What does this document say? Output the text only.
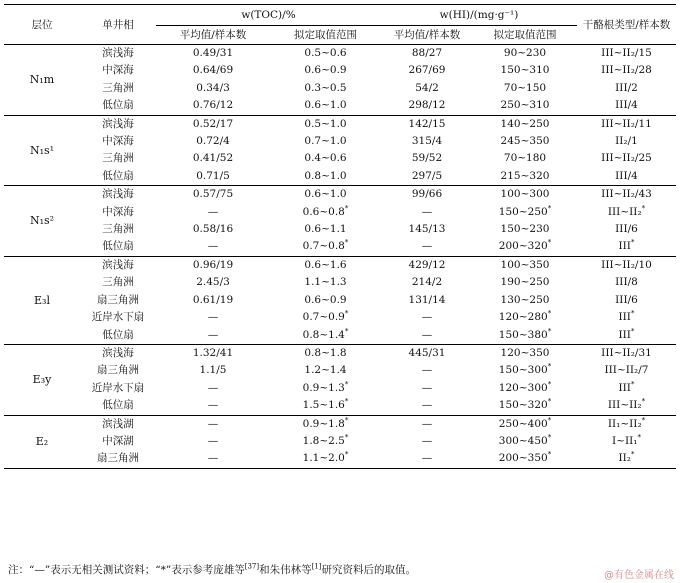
层位	单井相	w(TOC)/%		w(HI)/(mg·g⁻¹)		干酪根类型/样本数
		平均值/样本数	拟定取值范围	平均值/样本数	拟定取值范围	
N₁m	滨浅海	0.49/31	0.5~0.6	88/27	90~230	III~II₂/15
	中深海	0.64/69	0.6~0.9	267/69	150~310	III~II₂/28
	三角洲	0.34/3	0.3~0.5	54/2	70~150	III/2
	低位扇	0.76/12	0.6~1.0	298/12	250~310	III/4
N₁s¹	滨浅海	0.52/17	0.5~1.0	142/15	140~250	III~II₂/11
	中深海	0.72/4	0.7~1.0	315/4	245~350	II₂/1
	三角洲	0.41/52	0.4~0.6	59/52	70~180	III~II₂/25
	低位扇	0.71/5	0.8~1.0	297/5	215~320	III/4
N₁s²	滨浅海	0.57/75	0.6~1.0	99/66	100~300	III~II₂/43
	中深海	—	0.6~0.8*	—	150~250*	III~II₂*
	三角洲	0.58/16	0.6~1.1	145/13	150~230	III/6
	低位扇	—	0.7~0.8*	—	200~320*	III*
E₃l	滨浅海	0.96/19	0.6~1.6	429/12	100~350	III~II₂/10
	三角洲	2.45/3	1.1~1.3	214/2	190~250	III/8
	扇三角洲	0.61/19	0.6~0.9	131/14	130~250	III/6
	近岸水下扇	—	0.7~0.9*	—	120~280*	III*
	低位扇	—	0.8~1.4*	—	150~380*	III*
E₃y	滨浅海	1.32/41	0.8~1.8	445/31	120~350	III~II₂/31
	扇三角洲	1.1/5	1.2~1.4	—	150~300*	III~II₂/7
	近岸水下扇	—	0.9~1.3*	—	120~300*	III*
	低位扇	—	1.5~1.6*	—	150~320*	III~II₂*
E₂	滨浅湖	—	0.9~1.8*	—	250~400*	II₁~II₂*
	中深湖	—	1.8~2.5*	—	300~450*	I~II₁*
	扇三角洲	—	1.1~2.0*	—	200~350*	II₂*
注：“—”表示无相关测试资料；“*”表示参考庞雄等[37]和朱伟林等[1]研究资料后的取值。	@有色金属在线
